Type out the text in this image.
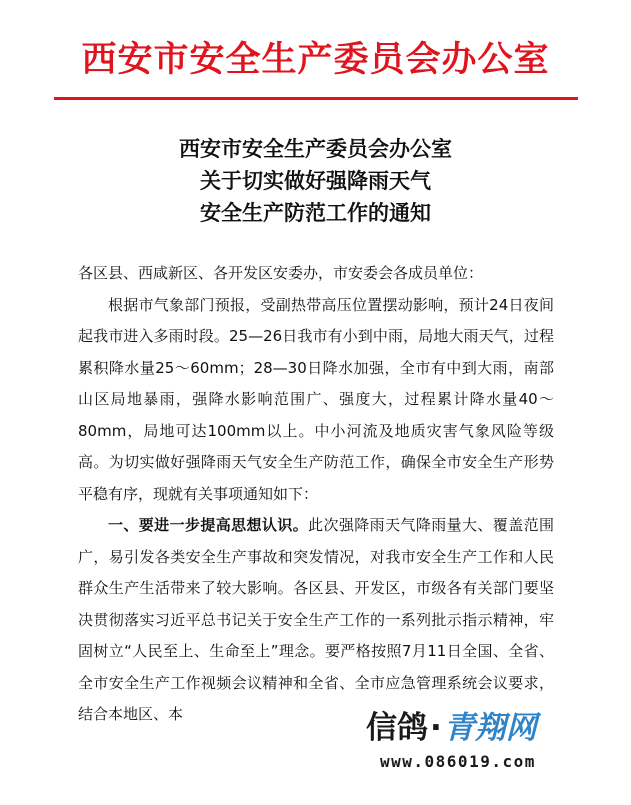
西安市安全生产委员会办公室
西安市安全生产委员会办公室
关于切实做好强降雨天气
安全生产防范工作的通知

各区县、西咸新区、各开发区安委办，市安委会各成员单位：

根据市气象部门预报，受副热带高压位置摆动影响，预计24日夜间起我市进入多雨时段。25—26日我市有小到中雨，局地大雨天气，过程累积降水量25～60mm；28—30日降水加强，全市有中到大雨，南部山区局地暴雨，强降水影响范围广、强度大，过程累计降水量40～80mm，局地可达100mm以上。中小河流及地质灾害气象风险等级高。为切实做好强降雨天气安全生产防范工作，确保全市安全生产形势平稳有序，现就有关事项通知如下：

一、要进一步提高思想认识。此次强降雨天气降雨量大、覆盖范围广，易引发各类安全生产事故和突发情况，对我市安全生产工作和人民群众生产生活带来了较大影响。各区县、开发区，市级各有关部门要坚决贯彻落实习近平总书记关于安全生产工作的一系列批示指示精神，牢固树立“人民至上、生命至上”理念。要严格按照7月11日全国、全省、全市安全生产工作视频会议精神和全省、全市应急管理系统会议要求，结合本地区、本	信鸽·青翔网
www.086019.com
